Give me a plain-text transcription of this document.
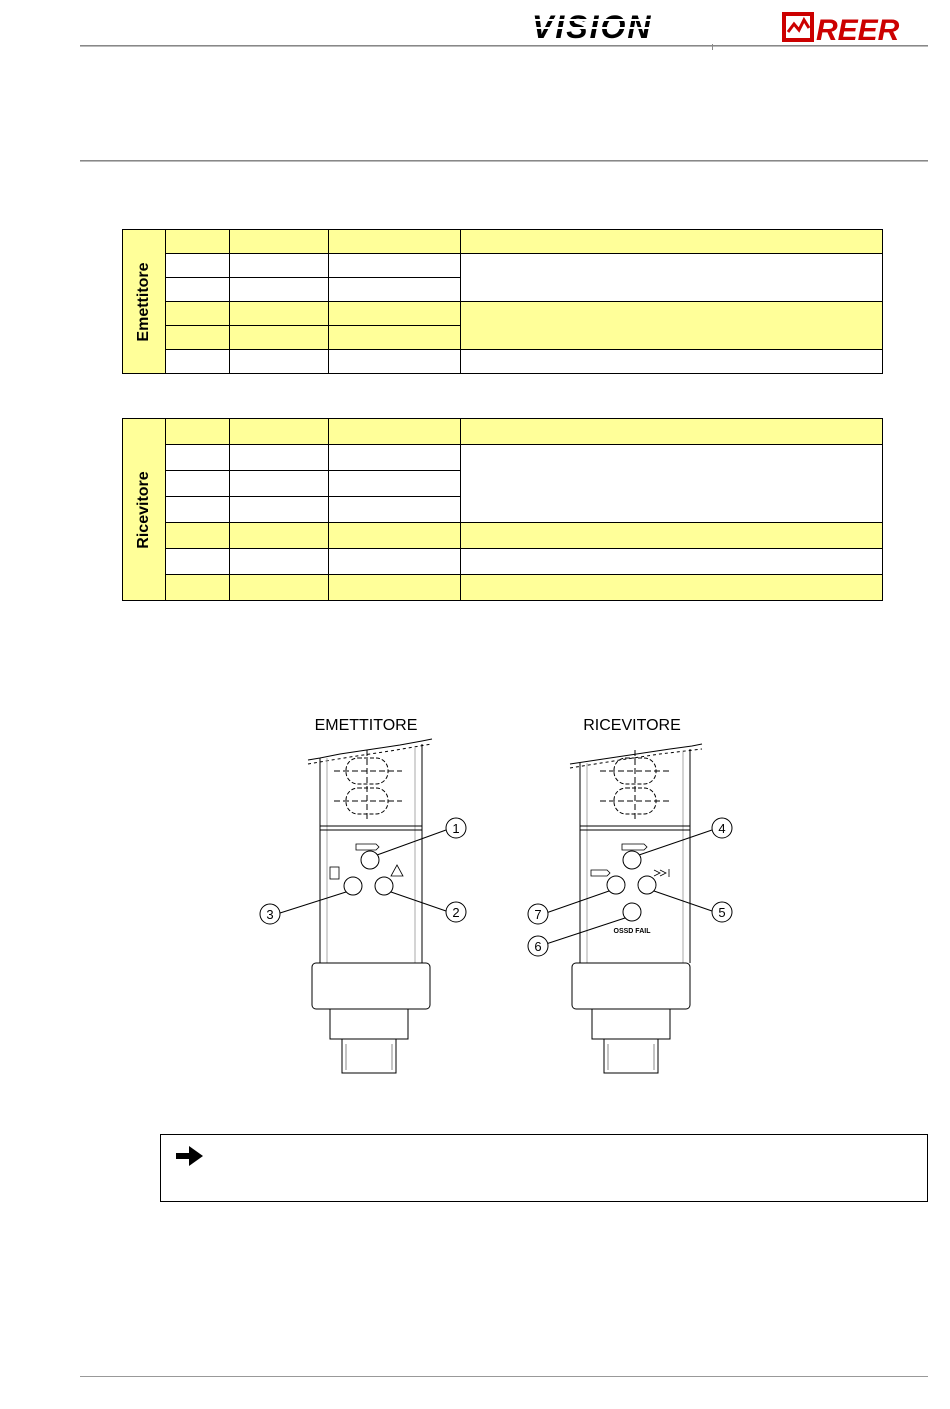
VISION	REER
Emettitore				

Ricevitore				

EMETTITORE	RICEVITORE
1
2
3
OSSD FAIL
4
5
6
7
